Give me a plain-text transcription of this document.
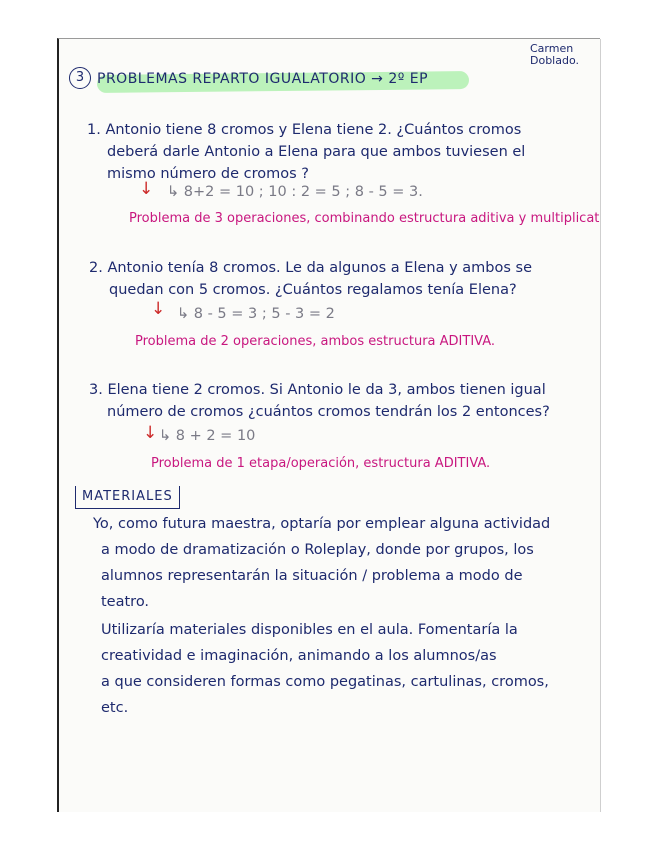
Carmen Doblado.
3 PROBLEMAS REPARTO IGUALATORIO → 2º EP
1. Antonio tiene 8 cromos y Elena tiene 2. ¿Cuántos cromos
deberá darle Antonio a Elena para que ambos tuviesen el
mismo número de cromos ?
↓ ↳ 8+2 = 10 ; 10 : 2 = 5 ; 8 - 5 = 3.
Problema de 3 operaciones, combinando estructura aditiva y multiplicat
2. Antonio tenía 8 cromos. Le da algunos a Elena y ambos se
quedan con 5 cromos. ¿Cuántos regalamos tenía Elena?
↓ ↳ 8 - 5 = 3 ; 5 - 3 = 2
Problema de 2 operaciones, ambos estructura ADITIVA.
3. Elena tiene 2 cromos. Si Antonio le da 3, ambos tienen igual
número de cromos ¿cuántos cromos tendrán los 2 entonces?
↓ ↳ 8 + 2 = 10
Problema de 1 etapa/operación, estructura ADITIVA.
MATERIALES
Yo, como futura maestra, optaría por emplear alguna actividad
a modo de dramatización o Roleplay, donde por grupos, los
alumnos representarán la situación / problema a modo de
teatro.
Utilizaría materiales disponibles en el aula. Fomentaría la
creatividad e imaginación, animando a los alumnos/as
a que consideren formas como pegatinas, cartulinas, cromos,
etc.
